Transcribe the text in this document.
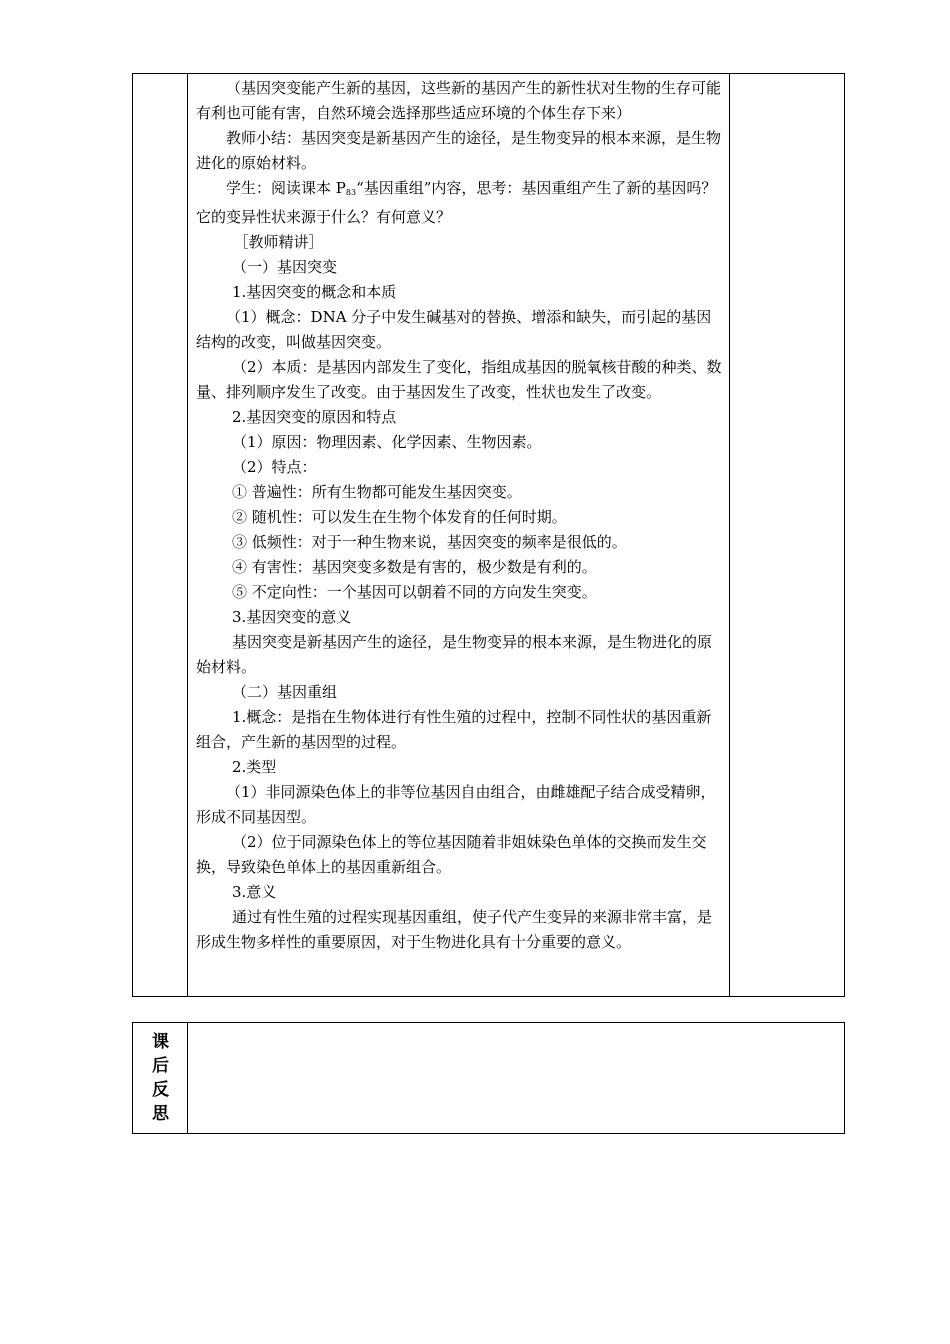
（基因突变能产生新的基因，这些新的基因产生的新性状对生物的生存可能有利也可能有害，自然环境会选择那些适应环境的个体生存下来）

教师小结：基因突变是新基因产生的途径，是生物变异的根本来源，是生物进化的原始材料。

学生：阅读课本 $P_{83}“$基因重组”内容，思考：基因重组产生了新的基因吗？它的变异性状来源于什么？有何意义？

［教师精讲］

（一）基因突变

1.基因突变的概念和本质

（1）概念：DNA 分子中发生碱基对的替换、增添和缺失，而引起的基因结构的改变，叫做基因突变。

（2）本质：是基因内部发生了变化，指组成基因的脱氧核苷酸的种类、数量、排列顺序发生了改变。由于基因发生了改变，性状也发生了改变。

2.基因突变的原因和特点

（1）原因：物理因素、化学因素、生物因素。

（2）特点：

① 普遍性：所有生物都可能发生基因突变。

② 随机性：可以发生在生物个体发育的任何时期。

③ 低频性：对于一种生物来说，基因突变的频率是很低的。

④ 有害性：基因突变多数是有害的，极少数是有利的。

⑤ 不定向性：一个基因可以朝着不同的方向发生突变。

3.基因突变的意义

基因突变是新基因产生的途径，是生物变异的根本来源，是生物进化的原始材料。

（二）基因重组

1.概念：是指在生物体进行有性生殖的过程中，控制不同性状的基因重新组合，产生新的基因型的过程。

2.类型

（1）非同源染色体上的非等位基因自由组合，由雌雄配子结合成受精卵，形成不同基因型。

（2）位于同源染色体上的等位基因随着非姐妹染色单体的交换而发生交换，导致染色单体上的基因重新组合。

3.意义

通过有性生殖的过程实现基因重组，使子代产生变异的来源非常丰富，是形成生物多样性的重要原因，对于生物进化具有十分重要的意义。

课
后
反
思
